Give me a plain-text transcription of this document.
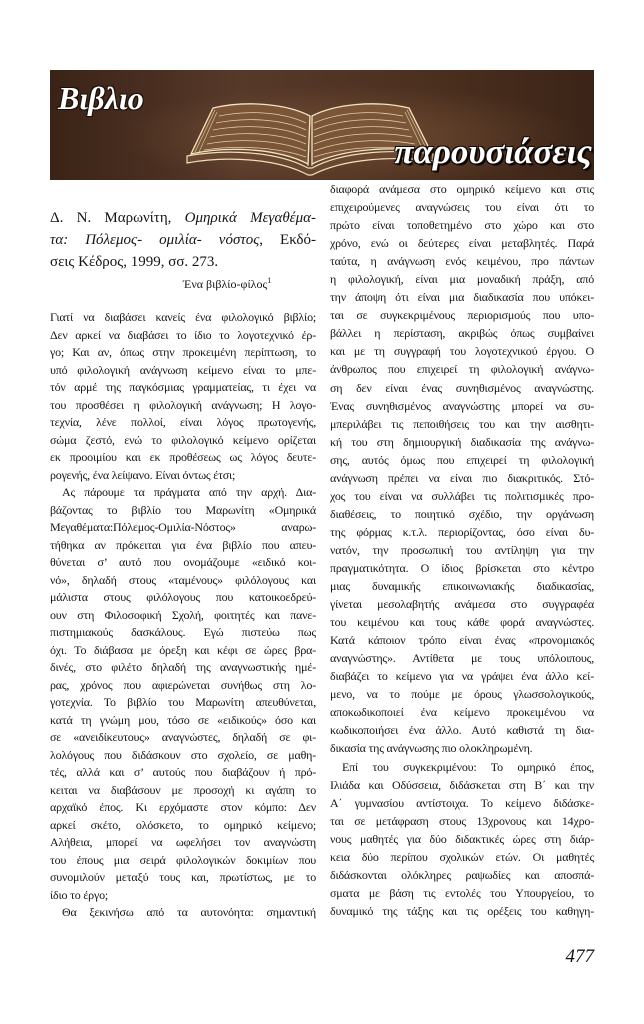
Βιβλιο
παρουσιάσεις
Δ. Ν. Μαρωνίτη, Ομηρικά Μεγαθέμα-
τα: Πόλεμος- ομιλία- νόστος, Εκδό-
σεις Κέδρος, 1999, σσ. 273.
Ένα βιβλίο-φίλος$^1$
Γιατί να διαβάσει κανείς ένα φιλολογικό βιβλίο;
Δεν αρκεί να διαβάσει το ίδιο το λογοτεχνικό έρ-
γο; Και αν, όπως στην προκειμένη περίπτωση, το
υπό φιλολογική ανάγνωση κείμενο είναι το μπε-
τόν αρμέ της παγκόσμιας γραμματείας, τι έχει να
του προσθέσει η φιλολογική ανάγνωση; Η λογο-
τεχνία, λένε πολλοί, είναι λόγος πρωτογενής,
σώμα ζεστό, ενώ το φιλολογικό κείμενο ορίζεται
εκ προοιμίου και εκ προθέσεως ως λόγος δευτε-
ρογενής, ένα λείψανο. Είναι όντως έτσι;
Ας πάρουμε τα πράγματα από την αρχή. Δια-
βάζοντας το βιβλίο του Μαρωνίτη «Ομηρικά
Μεγαθέματα:Πόλεμος-Ομιλία-Νόστος» αναρω-
τήθηκα αν πρόκειται για ένα βιβλίο που απευ-
θύνεται σ’ αυτό που ονομάζουμε «ειδικό κοι-
νό», δηλαδή στους «ταμένους» φιλόλογους και
μάλιστα στους φιλόλογους που κατοικοεδρεύ-
ουν στη Φιλοσοφική Σχολή, φοιτητές και πανε-
πιστημιακούς δασκάλους. Εγώ πιστεύω πως
όχι. Το διάβασα με όρεξη και κέφι σε ώρες βρα-
δινές, στο φιλέτο δηλαδή της αναγνωστικής ημέ-
ρας, χρόνος που αφιερώνεται συνήθως στη λο-
γοτεχνία. Το βιβλίο του Μαρωνίτη απευθύνεται,
κατά τη γνώμη μου, τόσο σε «ειδικούς» όσο και
σε «ανειδίκευτους» αναγνώστες, δηλαδή σε φι-
λολόγους που διδάσκουν στο σχολείο, σε μαθη-
τές, αλλά και σ’ αυτούς που διαβάζουν ή πρό-
κειται να διαβάσουν με προσοχή κι αγάπη το
αρχαϊκό έπος. Κι ερχόμαστε στον κόμπο: Δεν
αρκεί σκέτο, ολόσκετο, το ομηρικό κείμενο;
Αλήθεια, μπορεί να ωφελήσει τον αναγνώστη
του έπους μια σειρά φιλολογικών δοκιμίων που
συνομιλούν μεταξύ τους και, πρωτίστως, με το
ίδιο το έργο;
Θα ξεκινήσω από τα αυτονόητα: σημαντική
διαφορά ανάμεσα στο ομηρικό κείμενο και στις
επιχειρούμενες αναγνώσεις του είναι ότι το
πρώτο είναι τοποθετημένο στο χώρο και στο
χρόνο, ενώ οι δεύτερες είναι μεταβλητές. Παρά
ταύτα, η ανάγνωση ενός κειμένου, προ πάντων
η φιλολογική, είναι μια μοναδική πράξη, από
την άποψη ότι είναι μια διαδικασία που υπόκει-
ται σε συγκεκριμένους περιορισμούς που υπο-
βάλλει η περίσταση, ακριβώς όπως συμβαίνει
και με τη συγγραφή του λογοτεχνικού έργου. Ο
άνθρωπος που επιχειρεί τη φιλολογική ανάγνω-
ση δεν είναι ένας συνηθισμένος αναγνώστης.
Ένας συνηθισμένος αναγνώστης μπορεί να συ-
μπεριλάβει τις πεποιθήσεις του και την αισθητι-
κή του στη δημιουργική διαδικασία της ανάγνω-
σης, αυτός όμως που επιχειρεί τη φιλολογική
ανάγνωση πρέπει να είναι πιο διακριτικός. Στό-
χος του είναι να συλλάβει τις πολιτισμικές προ-
διαθέσεις, το ποιητικό σχέδιο, την οργάνωση
της φόρμας κ.τ.λ. περιορίζοντας, όσο είναι δυ-
νατόν, την προσωπική του αντίληψη για την
πραγματικότητα. Ο ίδιος βρίσκεται στο κέντρο
μιας δυναμικής επικοινωνιακής διαδικασίας,
γίνεται μεσολαβητής ανάμεσα στο συγγραφέα
του κειμένου και τους κάθε φορά αναγνώστες.
Κατά κάποιον τρόπο είναι ένας «προνομιακός
αναγνώστης». Αντίθετα με τους υπόλοιπους,
διαβάζει το κείμενο για να γράψει ένα άλλο κεί-
μενο, να το πούμε με όρους γλωσσολογικούς,
αποκωδικοποιεί ένα κείμενο προκειμένου να
κωδικοποιήσει ένα άλλο. Αυτό καθιστά τη δια-
δικασία της ανάγνωσης πιο ολοκληρωμένη.
Επί του συγκεκριμένου: Το ομηρικό έπος,
Ιλιάδα και Οδύσσεια, διδάσκεται στη Β΄ και την
Α΄ γυμνασίου αντίστοιχα. Το κείμενο διδάσκε-
ται σε μετάφραση στους 13χρονους και 14χρο-
νους μαθητές για δύο διδακτικές ώρες στη διάρ-
κεια δύο περίπου σχολικών ετών. Οι μαθητές
διδάσκονται ολόκληρες ραψωδίες και αποσπά-
σματα με βάση τις εντολές του Υπουργείου, το
δυναμικό της τάξης και τις ορέξεις του καθηγη-
477
